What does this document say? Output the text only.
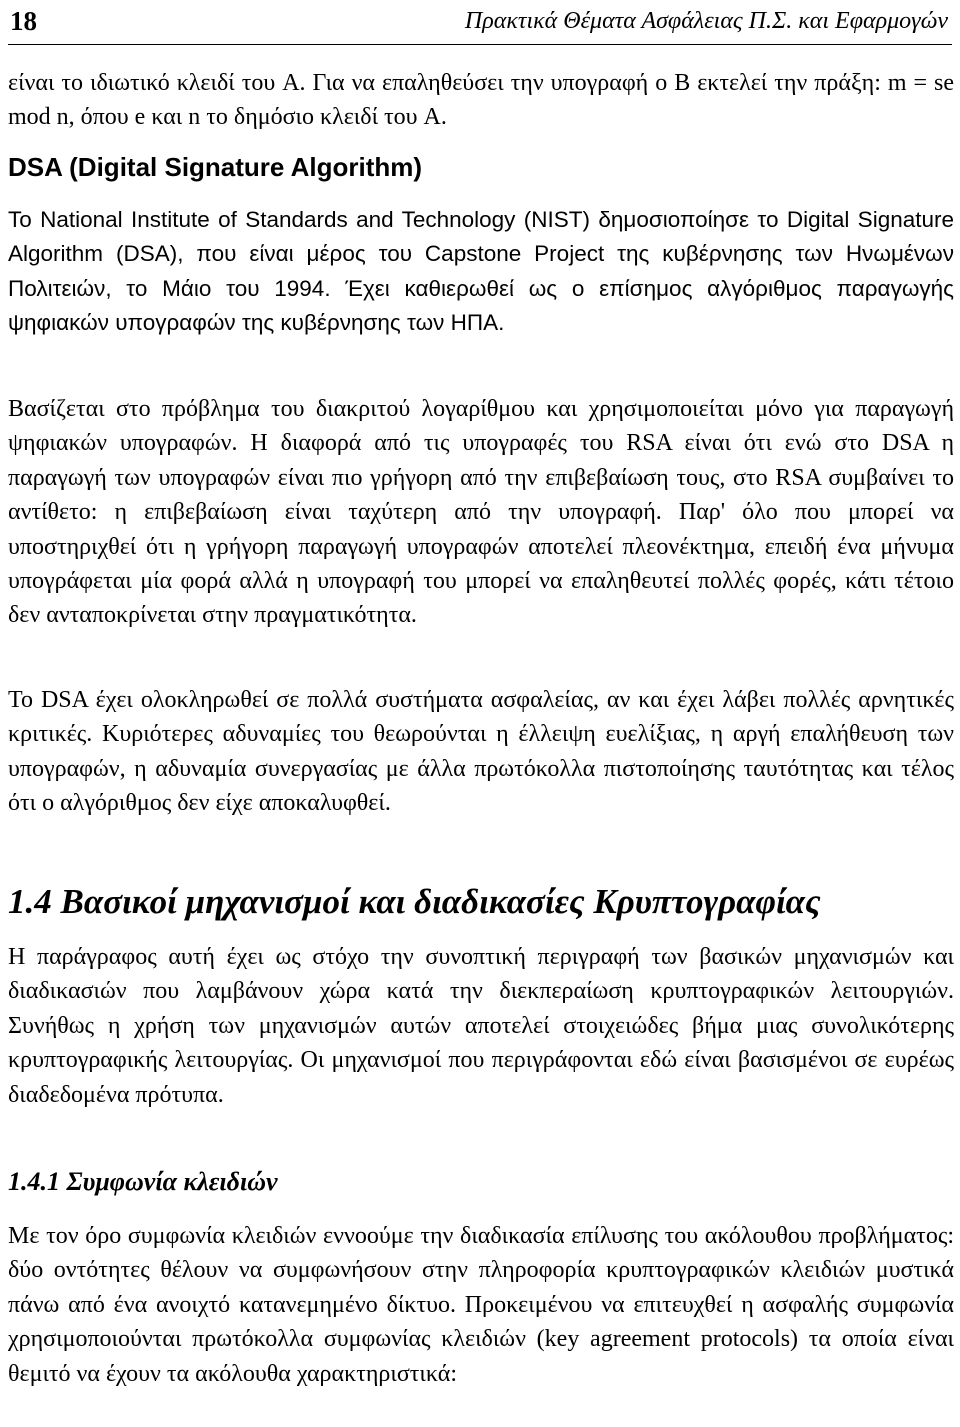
18	Πρακτικά Θέματα Ασφάλειας Π.Σ. και Εφαρμογών

είναι το ιδιωτικό κλειδί του A. Για να επαληθεύσει την υπογραφή ο B εκτελεί την πράξη: m = se mod n, όπου e και n το δημόσιο κλειδί του A.

DSA (Digital Signature Algorithm)

Το National Institute of Standards and Technology (NIST) δημοσιοποίησε το Digital Signature Algorithm (DSA), που είναι μέρος του Capstone Project της κυβέρνησης των Ηνωμένων Πολιτειών, το Μάιο του 1994. Έχει καθιερωθεί ως ο επίσημος αλγόριθμος παραγωγής ψηφιακών υπογραφών της κυβέρνησης των ΗΠΑ.

Βασίζεται στο πρόβλημα του διακριτού λογαρίθμου και χρησιμοποιείται μόνο για παραγωγή ψηφιακών υπογραφών. Η διαφορά από τις υπογραφές του RSA είναι ότι ενώ στο DSA η παραγωγή των υπογραφών είναι πιο γρήγορη από την επιβεβαίωση τους, στο RSA συμβαίνει το αντίθετο: η επιβεβαίωση είναι ταχύτερη από την υπογραφή. Παρ' όλο που μπορεί να υποστηριχθεί ότι η γρήγορη παραγωγή υπογραφών αποτελεί πλεονέκτημα, επειδή ένα μήνυμα υπογράφεται μία φορά αλλά η υπογραφή του μπορεί να επαληθευτεί πολλές φορές, κάτι τέτοιο δεν ανταποκρίνεται στην πραγματικότητα.

Το DSA έχει ολοκληρωθεί σε πολλά συστήματα ασφαλείας, αν και έχει λάβει πολλές αρνητικές κριτικές. Κυριότερες αδυναμίες του θεωρούνται η έλλειψη ευελίξιας, η αργή επαλήθευση των υπογραφών, η αδυναμία συνεργασίας με άλλα πρωτόκολλα πιστοποίησης ταυτότητας και τέλος ότι ο αλγόριθμος δεν είχε αποκαλυφθεί.

1.4 Βασικοί μηχανισμοί και διαδικασίες Κρυπτογραφίας

Η παράγραφος αυτή έχει ως στόχο την συνοπτική περιγραφή των βασικών μηχανισμών και διαδικασιών που λαμβάνουν χώρα κατά την διεκπεραίωση κρυπτογραφικών λειτουργιών. Συνήθως η χρήση των μηχανισμών αυτών αποτελεί στοιχειώδες βήμα μιας συνολικότερης κρυπτογραφικής λειτουργίας. Οι μηχανισμοί που περιγράφονται εδώ είναι βασισμένοι σε ευρέως διαδεδομένα πρότυπα.

1.4.1 Συμφωνία κλειδιών

Με τον όρο συμφωνία κλειδιών εννοούμε την διαδικασία επίλυσης του ακόλουθου προβλήματος: δύο οντότητες θέλουν να συμφωνήσουν στην πληροφορία κρυπτογραφικών κλειδιών μυστικά πάνω από ένα ανοιχτό κατανεμημένο δίκτυο. Προκειμένου να επιτευχθεί η ασφαλής συμφωνία χρησιμοποιούνται πρωτόκολλα συμφωνίας κλειδιών (key agreement protocols) τα οποία είναι θεμιτό να έχουν τα ακόλουθα χαρακτηριστικά:
